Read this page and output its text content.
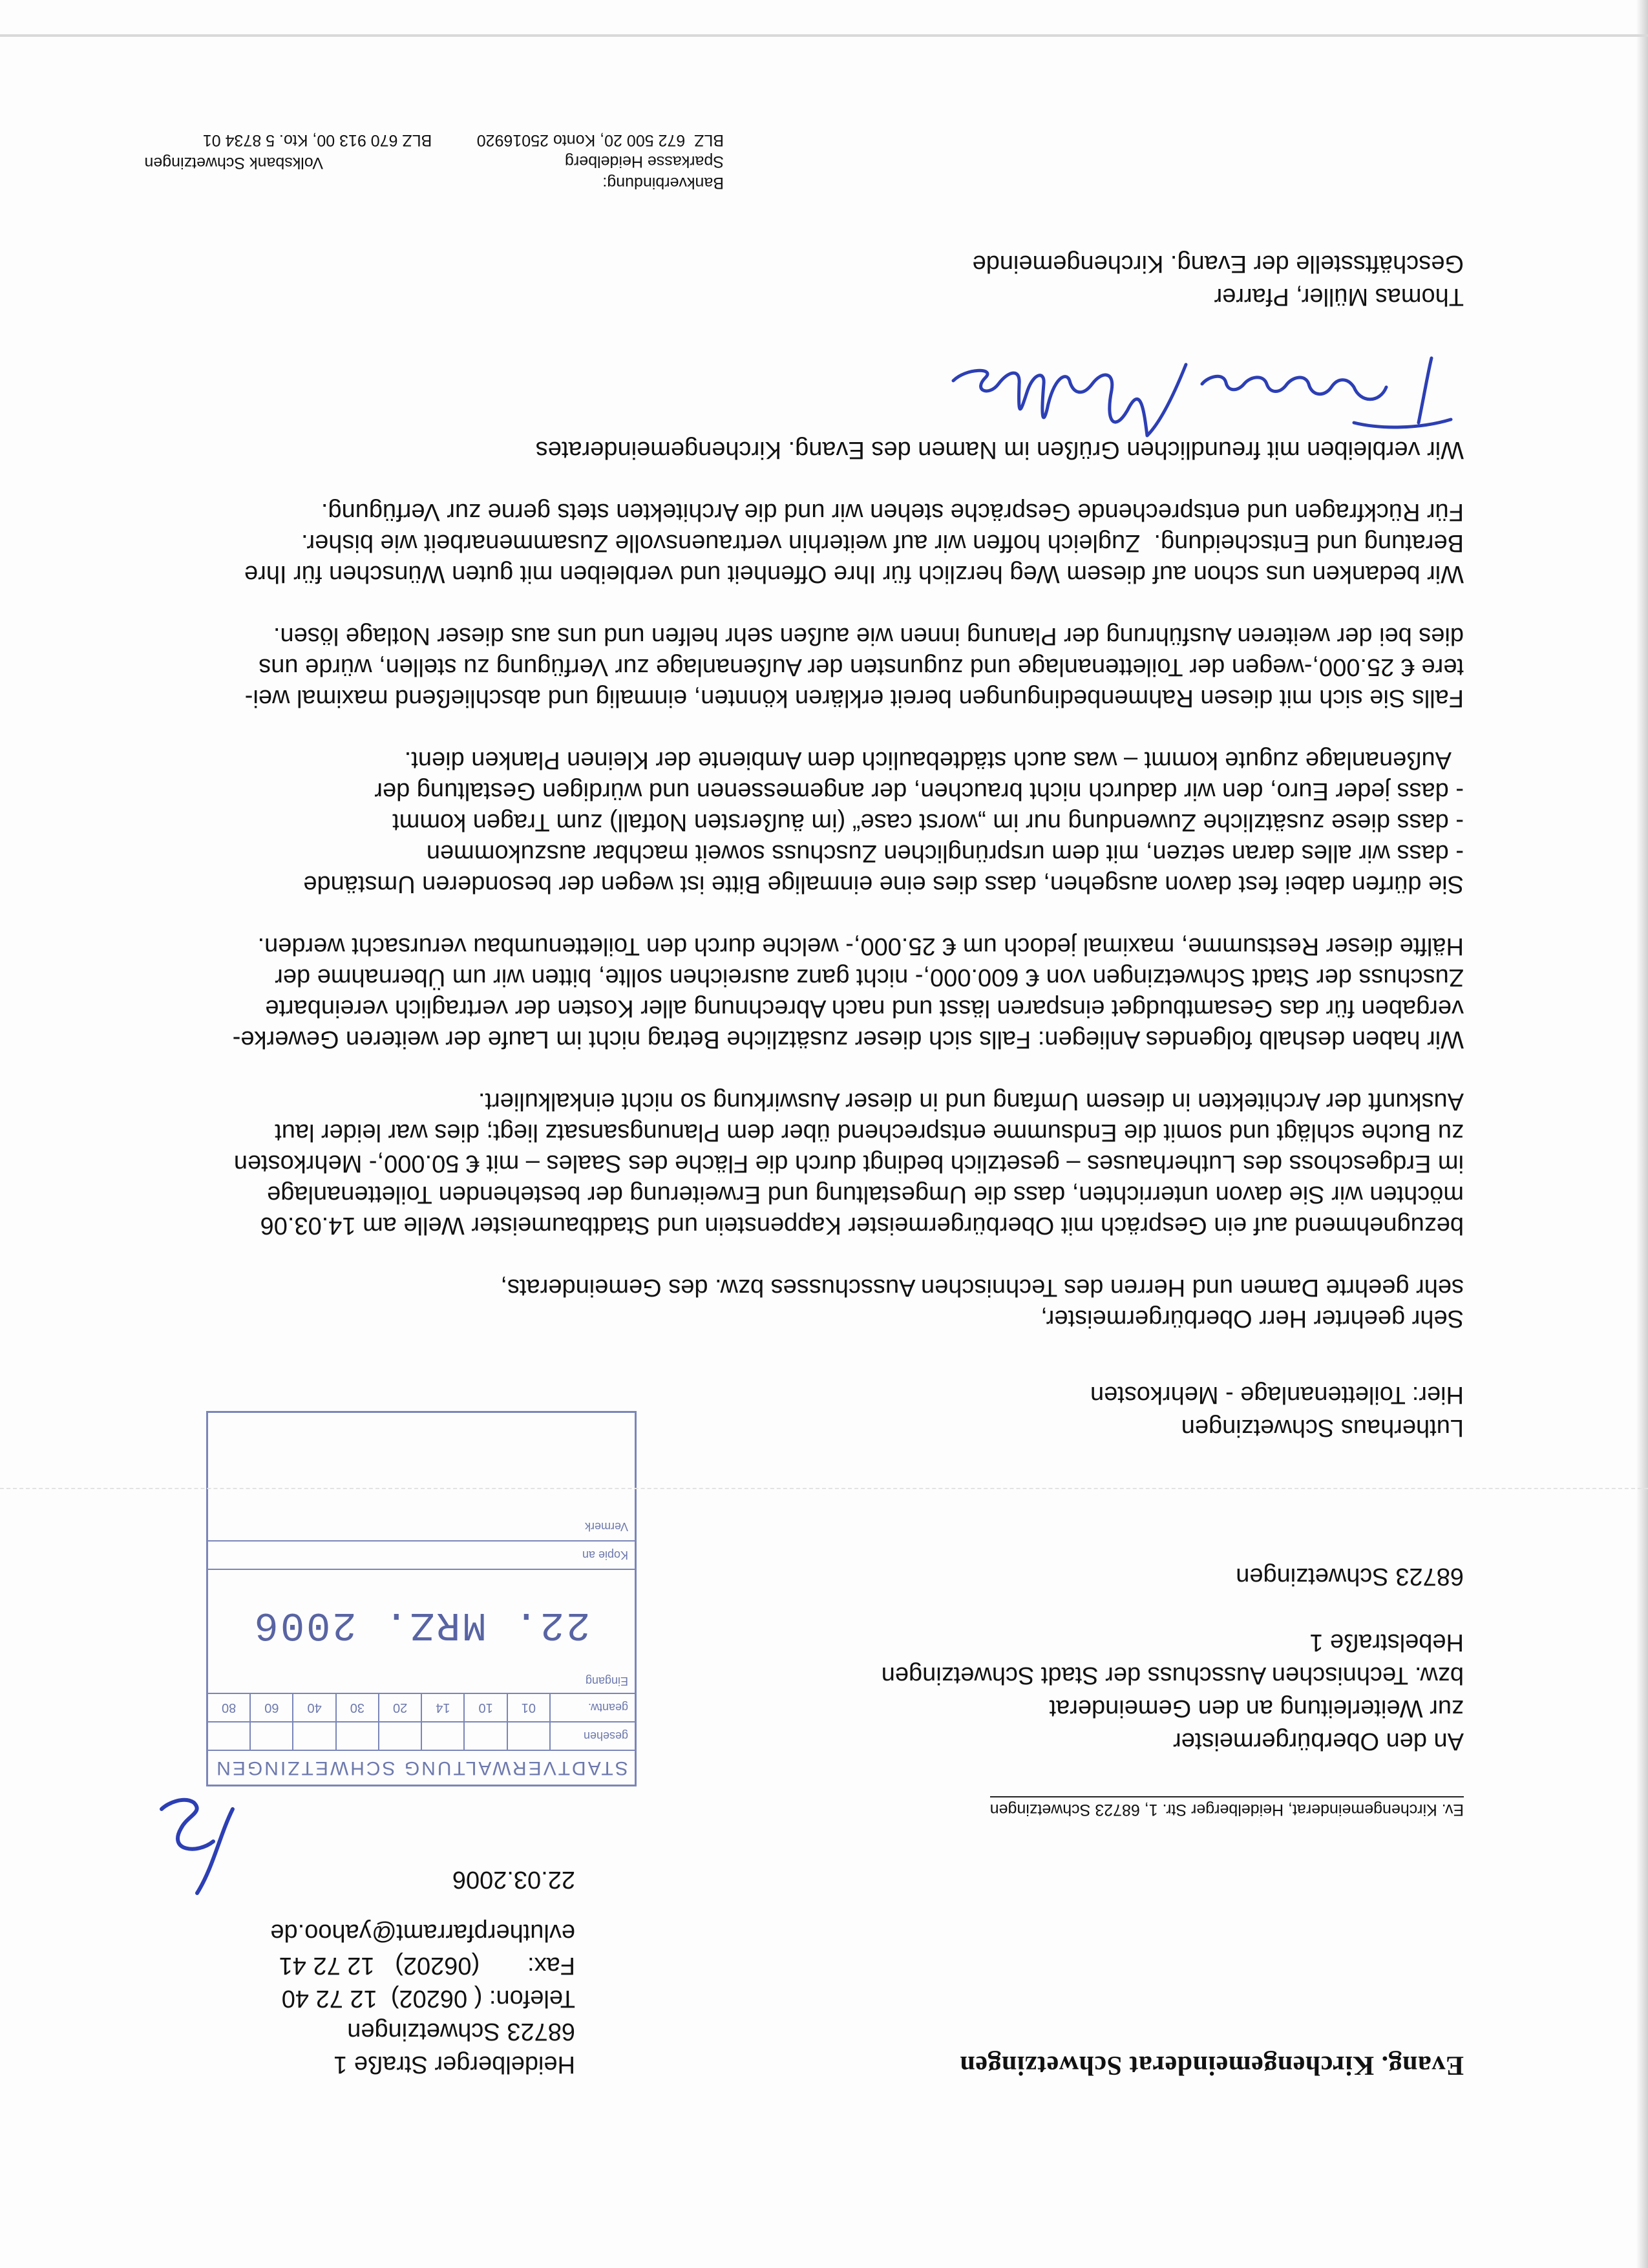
Evang. Kirchengemeinderat Schwetzingen
Heidelberger Straße 1
68723 Schwetzingen
Telefon: ( 06202)  12 72 40
Fax:       (06202)   12 72 41
evlutherpfarramt@yahoo.de
22.03.2006
Ev. Kirchengemeinderat, Heidelberger Str. 1, 68723 Schwetzingen
An den Oberbürgermeister
zur Weiterleitung an den Gemeinderat
bzw. Technischen Ausschuss der Stadt Schwetzingen
Hebelstraße 1
68723 Schwetzingen
STADTVERWALTUNG SCHWETZINGEN
gesehen
geantw.
01
10
14
20
30
40
60
80
Eingang
22. MRZ. 2006
Kopie an
Vermerk
Lutherhaus Schwetzingen
Hier: Toilettenanlage - Mehrkosten

Sehr geehrter Herr Oberbürgermeister,
sehr geehrte Damen und Herren des Technischen Ausschusses bzw. des Gemeinderats,

bezugnehmend auf ein Gespräch mit Oberbürgermeister Kappenstein und Stadtbaumeister Welle am 14.03.06
möchten wir Sie davon unterrichten, dass die Umgestaltung und Erweiterung der bestehenden Toilettenanlage
im Erdgeschoss des Lutherhauses – gesetzlich bedingt durch die Fläche des Saales – mit € 50.000,- Mehrkosten
zu Buche schlägt und somit die Endsumme entsprechend über dem Planungsansatz liegt; dies war leider laut
Auskunft der Architekten in diesem Umfang und in dieser Auswirkung so nicht einkalkuliert.

Wir haben deshalb folgendes Anliegen: Falls sich dieser zusätzliche Betrag nicht im Laufe der weiteren Gewerke-
vergaben für das Gesamtbudget einsparen lässt und nach Abrechnung aller Kosten der vertraglich vereinbarte
Zuschuss der Stadt Schwetzingen von € 600.000,- nicht ganz ausreichen sollte, bitten wir um Übernahme der
Hälfte dieser Restsumme, maximal jedoch um € 25.000,- welche durch den Toilettenumbau verursacht werden.

Sie dürfen dabei fest davon ausgehen, dass dies eine einmalige Bitte ist wegen der besonderen Umstände
- dass wir alles daran setzen, mit dem ursprünglichen Zuschuss soweit machbar auszukommen
- dass diese zusätzliche Zuwendung nur im „worst case“ (im äußersten Notfall) zum Tragen kommt
- dass jeder Euro, den wir dadurch nicht brauchen, der angemessenen und würdigen Gestaltung der
Außenanlage zugute kommt – was auch städtebaulich dem Ambiente der Kleinen Planken dient.

Falls Sie sich mit diesen Rahmenbedingungen bereit erklären könnten, einmalig und abschließend maximal wei-
tere € 25.000,-wegen der Toilettenanlage und zugunsten der Außenanlage zur Verfügung zu stellen, würde uns
dies bei der weiteren Ausführung der Planung innen wie außen sehr helfen und uns aus dieser Notlage lösen.

Wir bedanken uns schon auf diesem Weg herzlich für Ihre Offenheit und verbleiben mit guten Wünschen für Ihre
Beratung und Entscheidung.  Zugleich hoffen wir auf weiterhin vertrauensvolle Zusammenarbeit wie bisher.
Für Rückfragen und entsprechende Gespräche stehen wir und die Architekten stets gerne zur Verfügung.

Wir verbleiben mit freundlichen Grüßen im Namen des Evang. Kirchengemeinderates

Thomas Müller, Pfarrer
Geschäftsstelle der Evang. Kirchengemeinde
Bankverbindung:
Sparkasse Heidelberg
BLZ  672 500 20, Konto 25016920          BLZ 670 913 00, Kto. 5 8734 01
Volksbank Schwetzingen
